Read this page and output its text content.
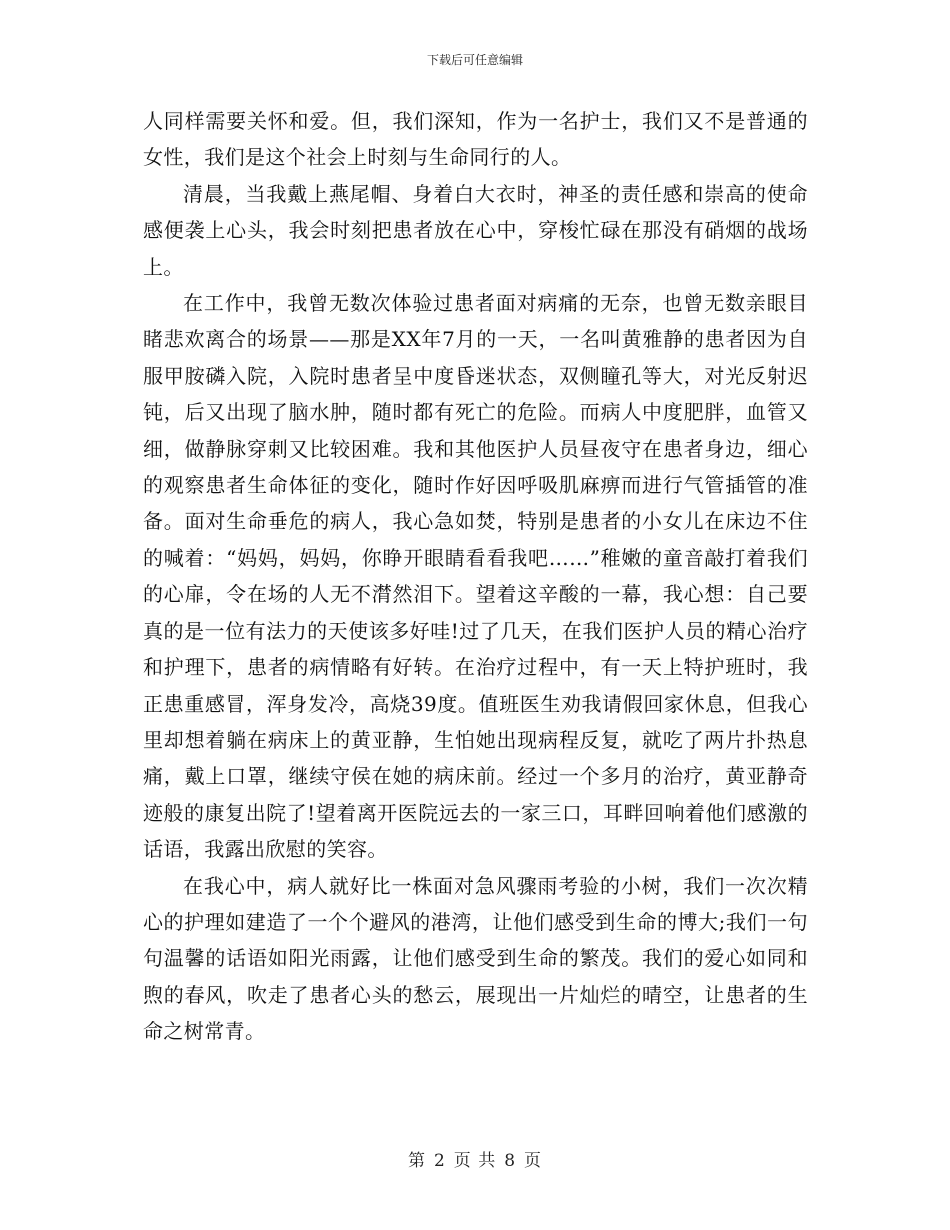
下载后可任意编辑

人同样需要关怀和爱。但，我们深知，作为一名护士，我们又不是普通的女性，我们是这个社会上时刻与生命同行的人。

清晨，当我戴上燕尾帽、身着白大衣时，神圣的责任感和崇高的使命感便袭上心头，我会时刻把患者放在心中，穿梭忙碌在那没有硝烟的战场上。

在工作中，我曾无数次体验过患者面对病痛的无奈，也曾无数亲眼目睹悲欢离合的场景——那是XX年7月的一天，一名叫黄雅静的患者因为自服甲胺磷入院，入院时患者呈中度昏迷状态，双侧瞳孔等大，对光反射迟钝，后又出现了脑水肿，随时都有死亡的危险。而病人中度肥胖，血管又细，做静脉穿刺又比较困难。我和其他医护人员昼夜守在患者身边，细心的观察患者生命体征的变化，随时作好因呼吸肌麻痹而进行气管插管的准备。面对生命垂危的病人，我心急如焚，特别是患者的小女儿在床边不住的喊着：“妈妈，妈妈，你睁开眼睛看看我吧……”稚嫩的童音敲打着我们的心扉，令在场的人无不潸然泪下。望着这辛酸的一幕，我心想：自己要真的是一位有法力的天使该多好哇!过了几天，在我们医护人员的精心治疗和护理下，患者的病情略有好转。在治疗过程中，有一天上特护班时，我正患重感冒，浑身发冷，高烧39度。值班医生劝我请假回家休息，但我心里却想着躺在病床上的黄亚静，生怕她出现病程反复，就吃了两片扑热息痛，戴上口罩，继续守侯在她的病床前。经过一个多月的治疗，黄亚静奇迹般的康复出院了!望着离开医院远去的一家三口，耳畔回响着他们感激的话语，我露出欣慰的笑容。

在我心中，病人就好比一株面对急风骤雨考验的小树，我们一次次精心的护理如建造了一个个避风的港湾，让他们感受到生命的博大;我们一句句温馨的话语如阳光雨露，让他们感受到生命的繁茂。我们的爱心如同和煦的春风，吹走了患者心头的愁云，展现出一片灿烂的晴空，让患者的生命之树常青。

第 2 页 共 8 页
